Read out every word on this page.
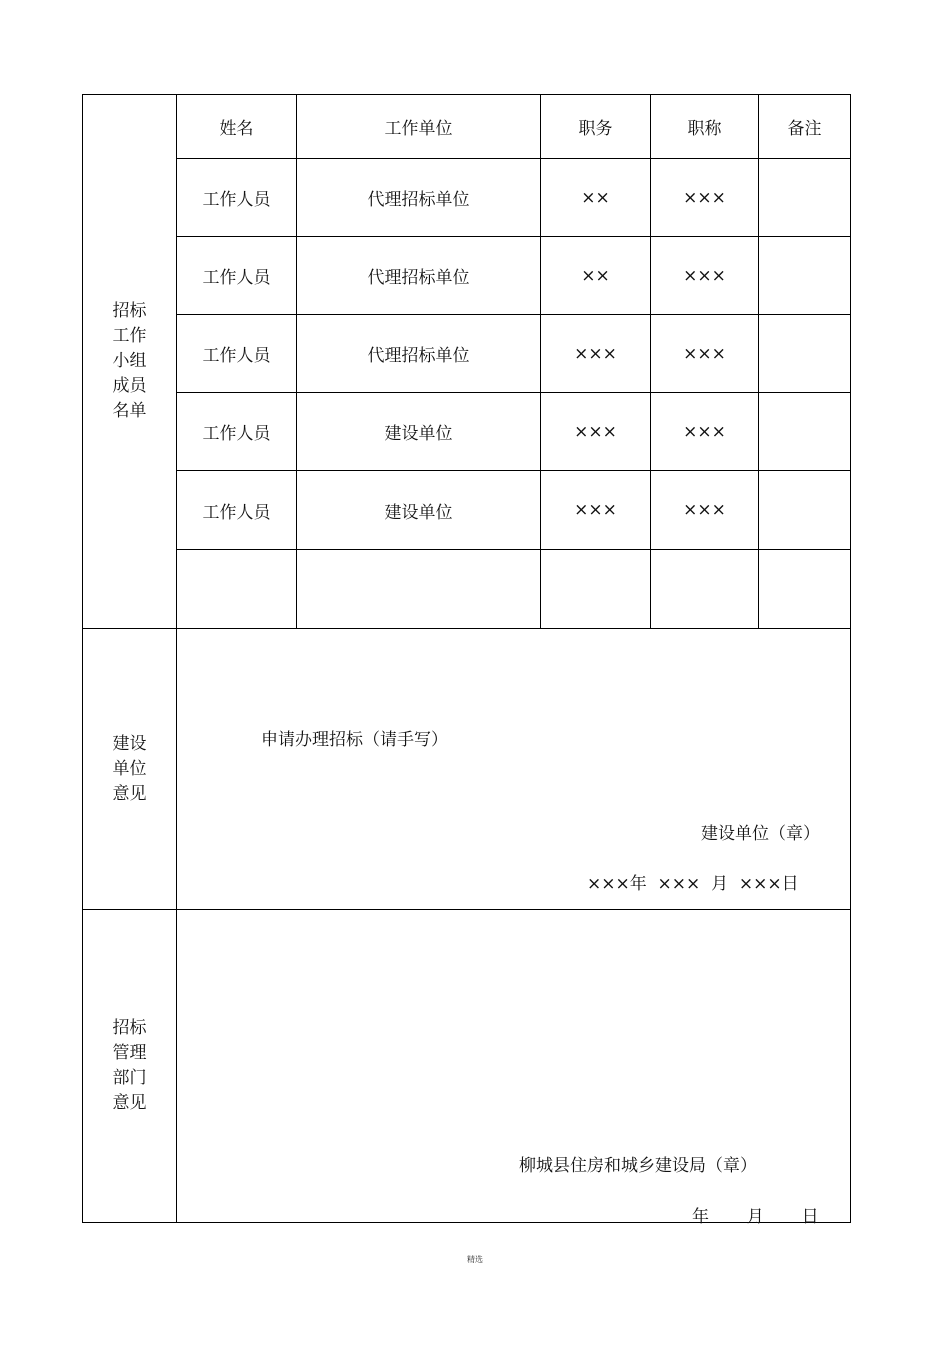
招标
工作
小组
成员
名单
姓名	工作单位	职务	职称	备注
工作人员	代理招标单位	××	×××
工作人员	代理招标单位	××	×××
工作人员	代理招标单位	×××	×××
工作人员	建设单位	×××	×××
工作人员	建设单位	×××	×××
建设
单位
意见
申请办理招标（请手写）
建设单位（章）
×××年  ×××  月  ×××日
招标
管理
部门
意见
柳城县住房和城乡建设局（章）
年       月       日
精选
